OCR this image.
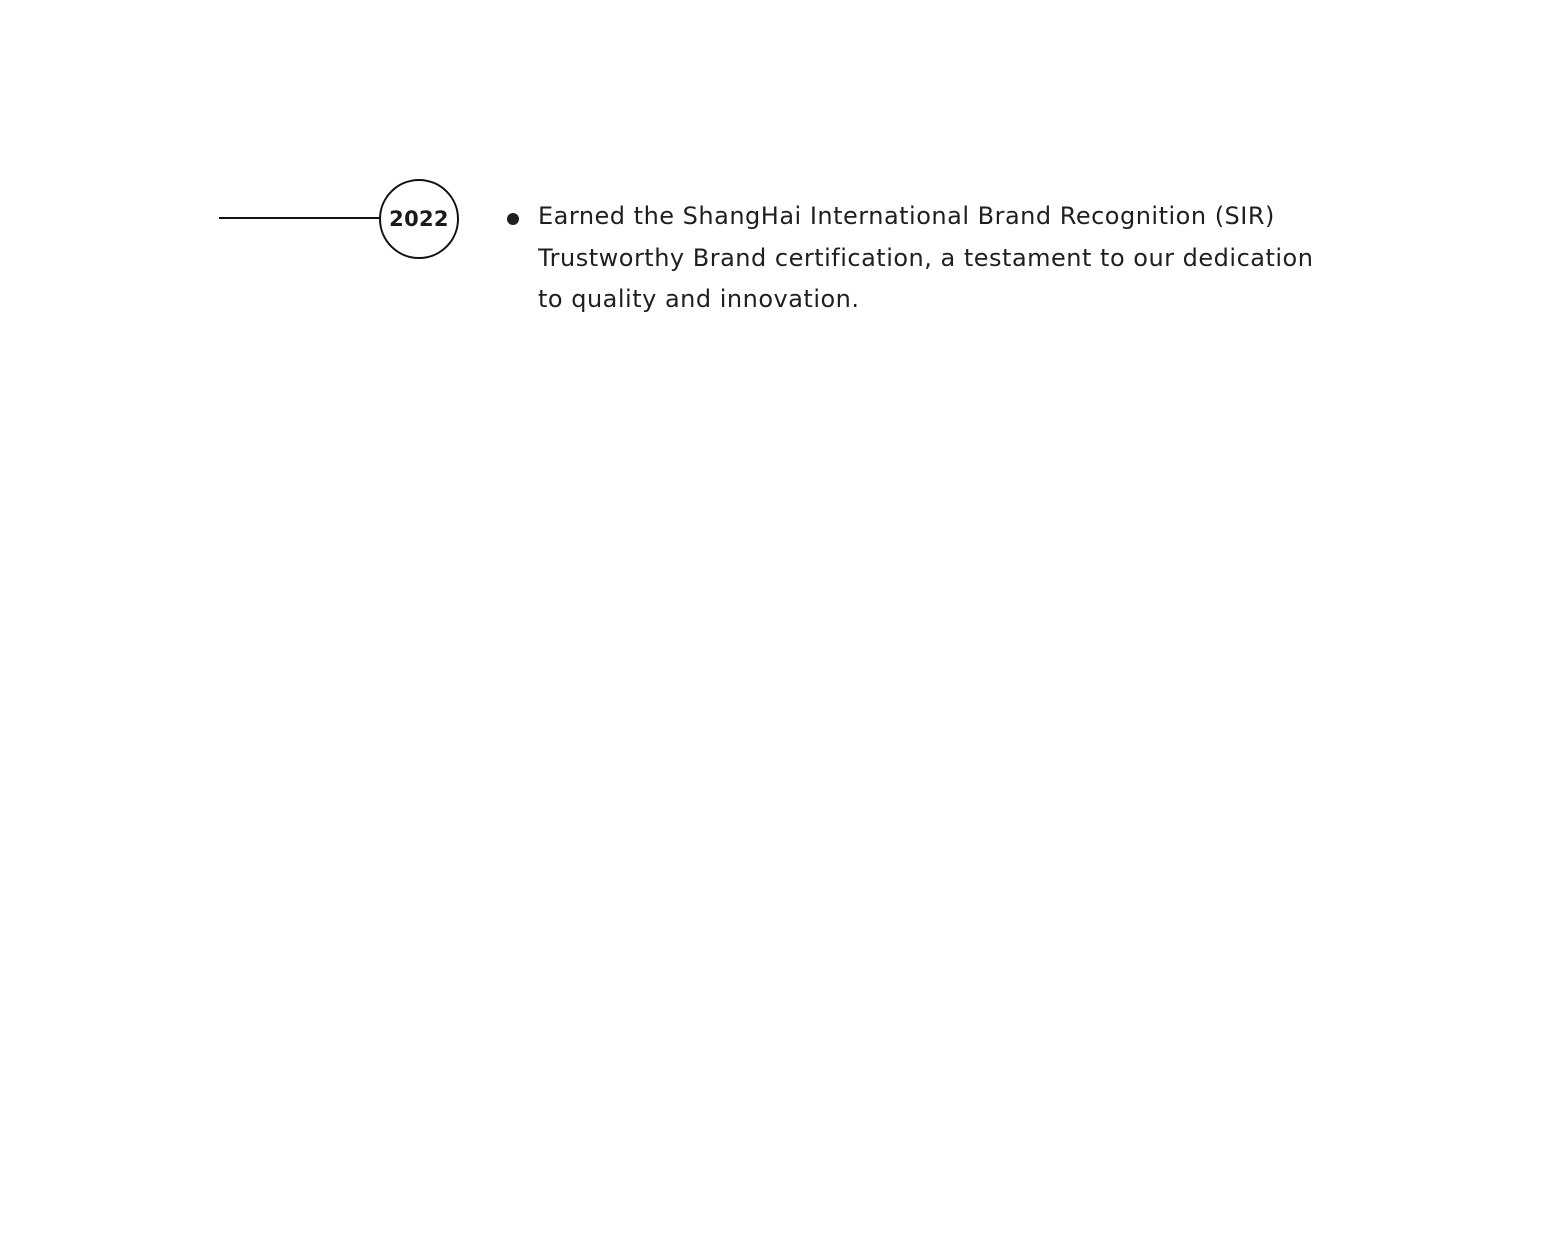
2022	Earned the ShangHai International Brand Recognition (SIR) Trustworthy Brand certification, a testament to our dedication to quality and innovation.
